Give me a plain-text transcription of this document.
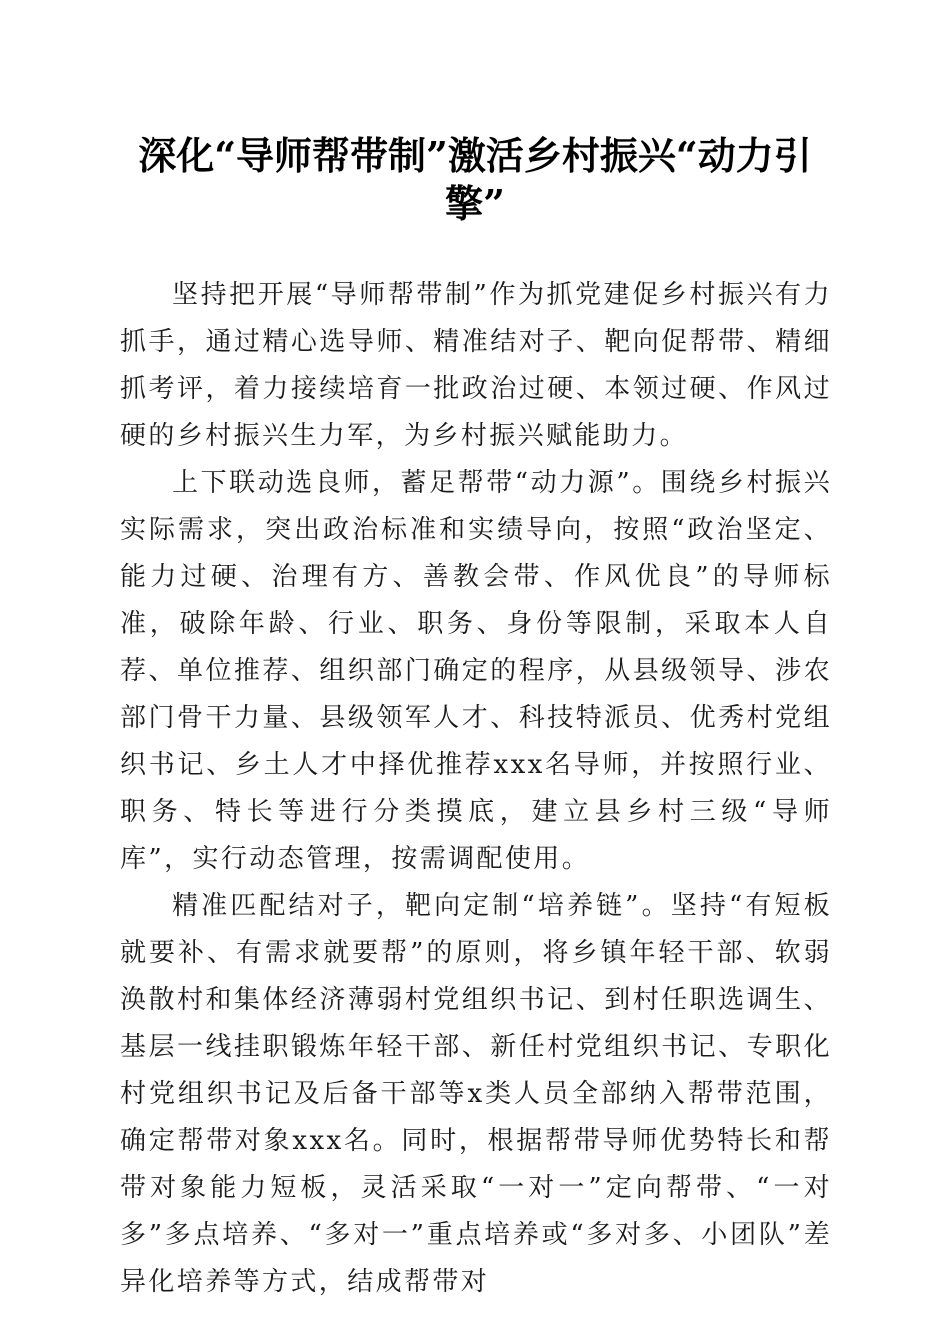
深化“导师帮带制”激活乡村振兴“动力引擎”

坚持把开展“导师帮带制”作为抓党建促乡村振兴有力抓手，通过精心选导师、精准结对子、靶向促帮带、精细抓考评，着力接续培育一批政治过硬、本领过硬、作风过硬的乡村振兴生力军，为乡村振兴赋能助力。

上下联动选良师，蓄足帮带“动力源”。围绕乡村振兴实际需求，突出政治标准和实绩导向，按照“政治坚定、能力过硬、治理有方、善教会带、作风优良”的导师标准，破除年龄、行业、职务、身份等限制，采取本人自荐、单位推荐、组织部门确定的程序，从县级领导、涉农部门骨干力量、县级领军人才、科技特派员、优秀村党组织书记、乡土人才中择优推荐xxx名导师，并按照行业、职务、特长等进行分类摸底，建立县乡村三级“导师库”，实行动态管理，按需调配使用。

精准匹配结对子，靶向定制“培养链”。坚持“有短板就要补、有需求就要帮”的原则，将乡镇年轻干部、软弱涣散村和集体经济薄弱村党组织书记、到村任职选调生、基层一线挂职锻炼年轻干部、新任村党组织书记、专职化村党组织书记及后备干部等x类人员全部纳入帮带范围，确定帮带对象xxx名。同时，根据帮带导师优势特长和帮带对象能力短板，灵活采取“一对一”定向帮带、“一对多”多点培养、“多对一”重点培养或“多对多、小团队”差异化培养等方式，结成帮带对
